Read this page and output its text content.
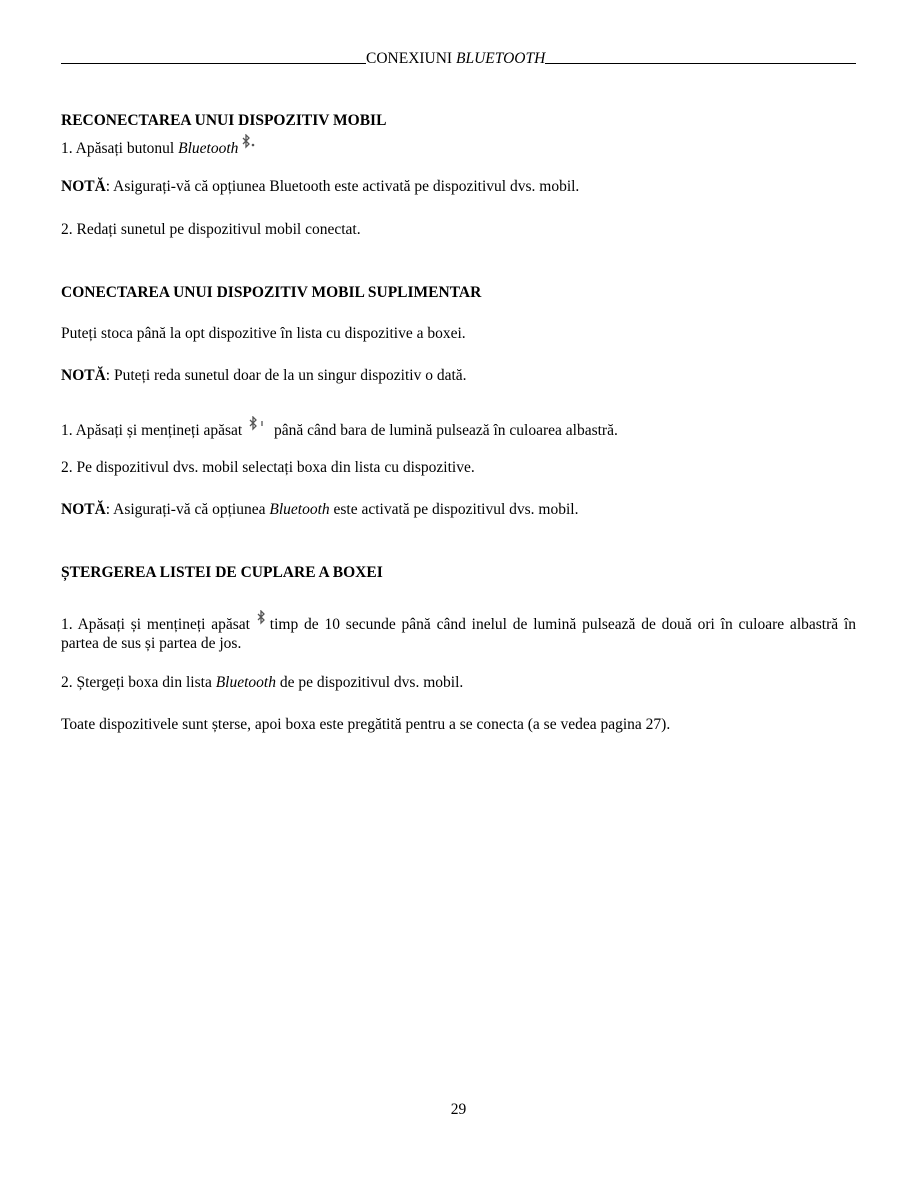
CONEXIUNI BLUETOOTH
RECONECTAREA UNUI DISPOZITIV MOBIL
1. Apăsați butonul Bluetooth
NOTĂ: Asigurați-vă că opțiunea Bluetooth este activată pe dispozitivul dvs. mobil.
2. Redați sunetul pe dispozitivul mobil conectat.
CONECTAREA UNUI DISPOZITIV MOBIL SUPLIMENTAR
Puteți stoca până la opt dispozitive în lista cu dispozitive a boxei.
NOTĂ: Puteți reda sunetul doar de la un singur dispozitiv o dată.
1. Apăsați și mențineți apăsat  până când bara de lumină pulsează în culoarea albastră.
2. Pe dispozitivul dvs. mobil selectați boxa din lista cu dispozitive.
NOTĂ: Asigurați-vă că opțiunea Bluetooth este activată pe dispozitivul dvs. mobil.
ȘTERGEREA LISTEI DE CUPLARE A BOXEI
1. Apăsați și mențineți apăsat timp de 10 secunde până când inelul de lumină pulsează de două ori în culoare albastră în partea de sus și partea de jos.
2. Ștergeți boxa din lista Bluetooth de pe dispozitivul dvs. mobil.
Toate dispozitivele sunt șterse, apoi boxa este pregătită pentru a se conecta (a se vedea pagina 27).
29
